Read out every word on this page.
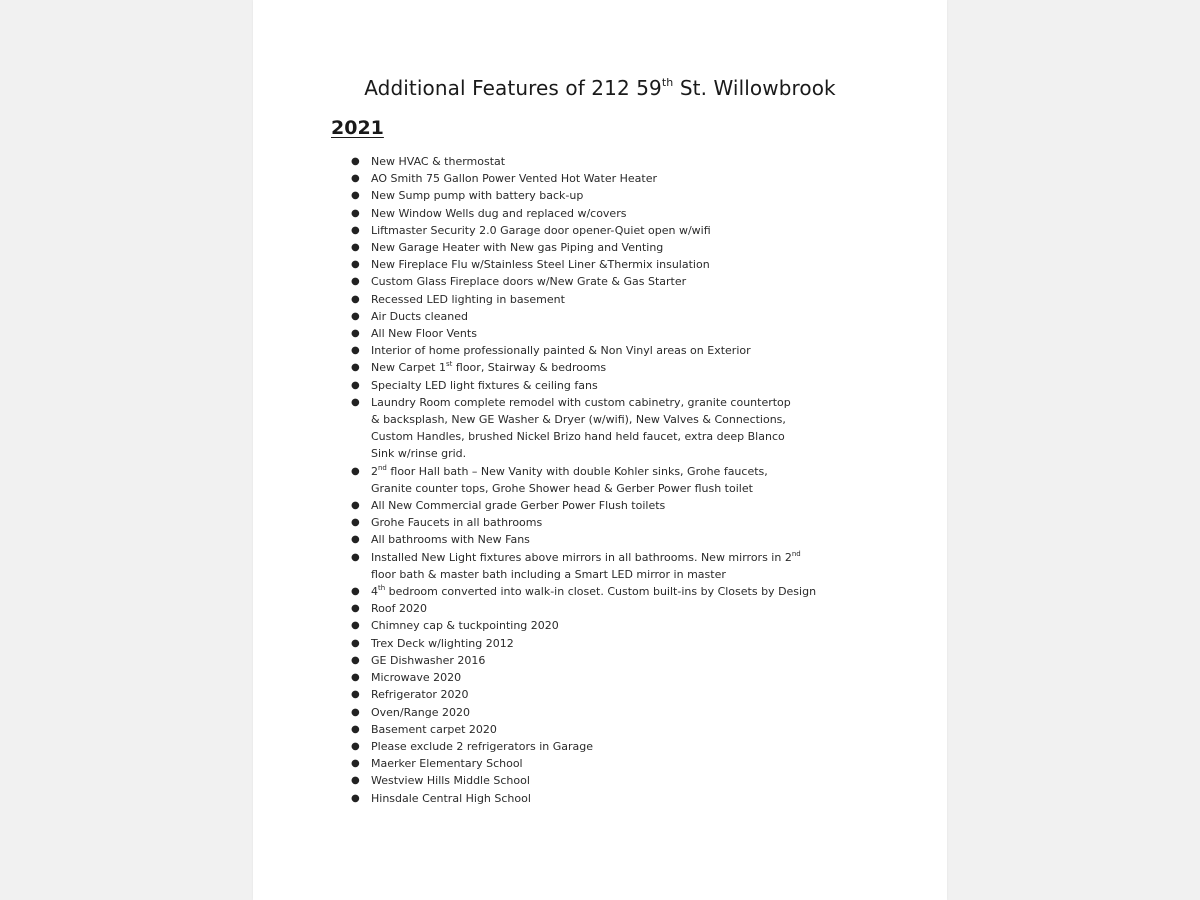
Additional Features of 212 59th St. Willowbrook
2021
● New HVAC & thermostat
● AO Smith 75 Gallon Power Vented Hot Water Heater
● New Sump pump with battery back-up
● New Window Wells dug and replaced w/covers
● Liftmaster Security 2.0 Garage door opener-Quiet open w/wifi
● New Garage Heater with New gas Piping and Venting
● New Fireplace Flu w/Stainless Steel Liner &Thermix insulation
● Custom Glass Fireplace doors w/New Grate & Gas Starter
● Recessed LED lighting in basement
● Air Ducts cleaned
● All New Floor Vents
● Interior of home professionally painted & Non Vinyl areas on Exterior
● New Carpet 1st floor, Stairway & bedrooms
● Specialty LED light fixtures & ceiling fans
● Laundry Room complete remodel with custom cabinetry, granite countertop
& backsplash, New GE Washer & Dryer (w/wifi), New Valves & Connections,
Custom Handles, brushed Nickel Brizo hand held faucet, extra deep Blanco
Sink w/rinse grid.
● 2nd floor Hall bath – New Vanity with double Kohler sinks, Grohe faucets,
Granite counter tops, Grohe Shower head & Gerber Power flush toilet
● All New Commercial grade Gerber Power Flush toilets
● Grohe Faucets in all bathrooms
● All bathrooms with New Fans
● Installed New Light fixtures above mirrors in all bathrooms. New mirrors in 2nd
floor bath & master bath including a Smart LED mirror in master
● 4th bedroom converted into walk-in closet. Custom built-ins by Closets by Design
● Roof 2020
● Chimney cap & tuckpointing 2020
● Trex Deck w/lighting 2012
● GE Dishwasher 2016
● Microwave 2020
● Refrigerator 2020
● Oven/Range 2020
● Basement carpet 2020
● Please exclude 2 refrigerators in Garage
● Maerker Elementary School
● Westview Hills Middle School
● Hinsdale Central High School
